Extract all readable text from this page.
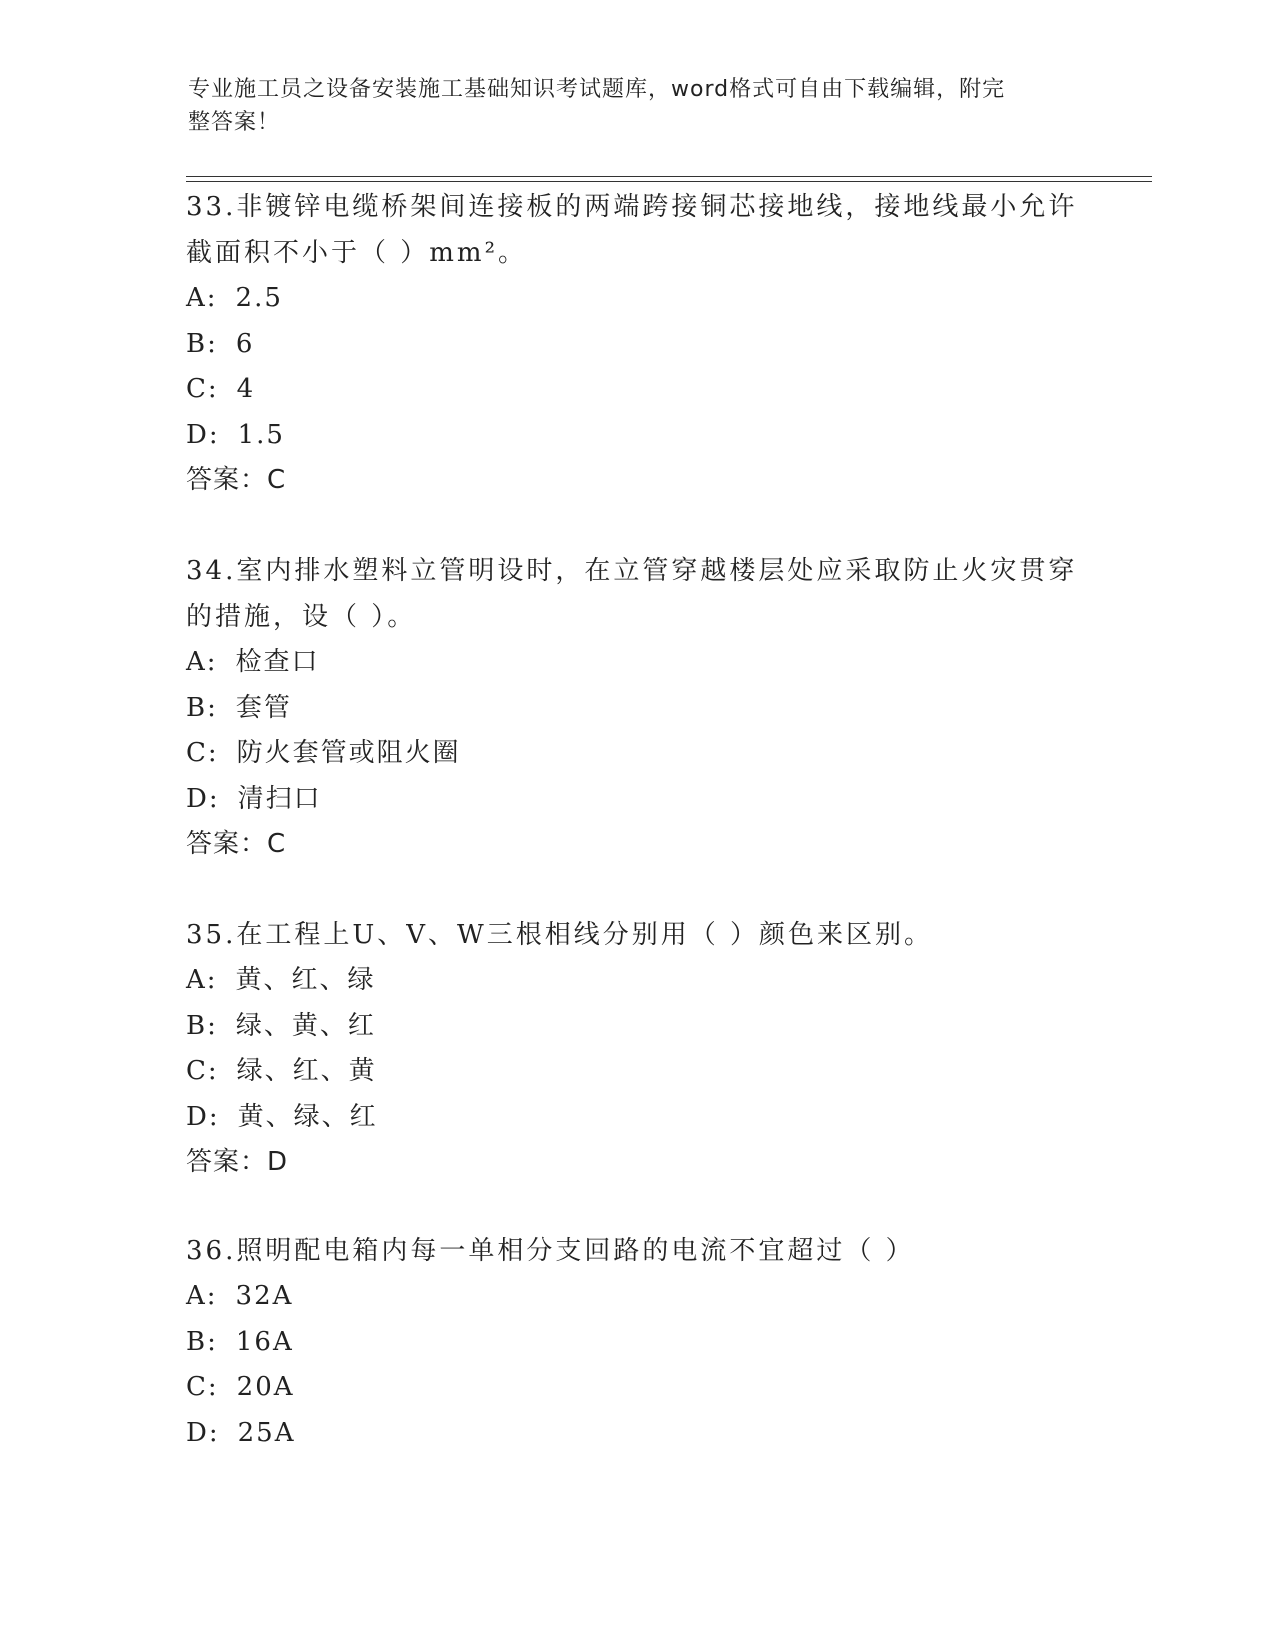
专业施工员之设备安装施工基础知识考试题库，word格式可自由下载编辑，附完
整答案！

33.非镀锌电缆桥架间连接板的两端跨接铜芯接地线，接地线最小允许

截面积不小于（ ）mm²。

A: 2.5

B: 6

C: 4

D: 1.5

答案：C

34.室内排水塑料立管明设时，在立管穿越楼层处应采取防止火灾贯穿

的措施，设（ ）。

A: 检查口

B: 套管

C: 防火套管或阻火圈

D: 清扫口

答案：C

35.在工程上U、V、W三根相线分别用（ ）颜色来区别。

A: 黄、红、绿

B: 绿、黄、红

C: 绿、红、黄

D: 黄、绿、红

答案：D

36.照明配电箱内每一单相分支回路的电流不宜超过（ ）

A: 32A

B: 16A

C: 20A

D: 25A
